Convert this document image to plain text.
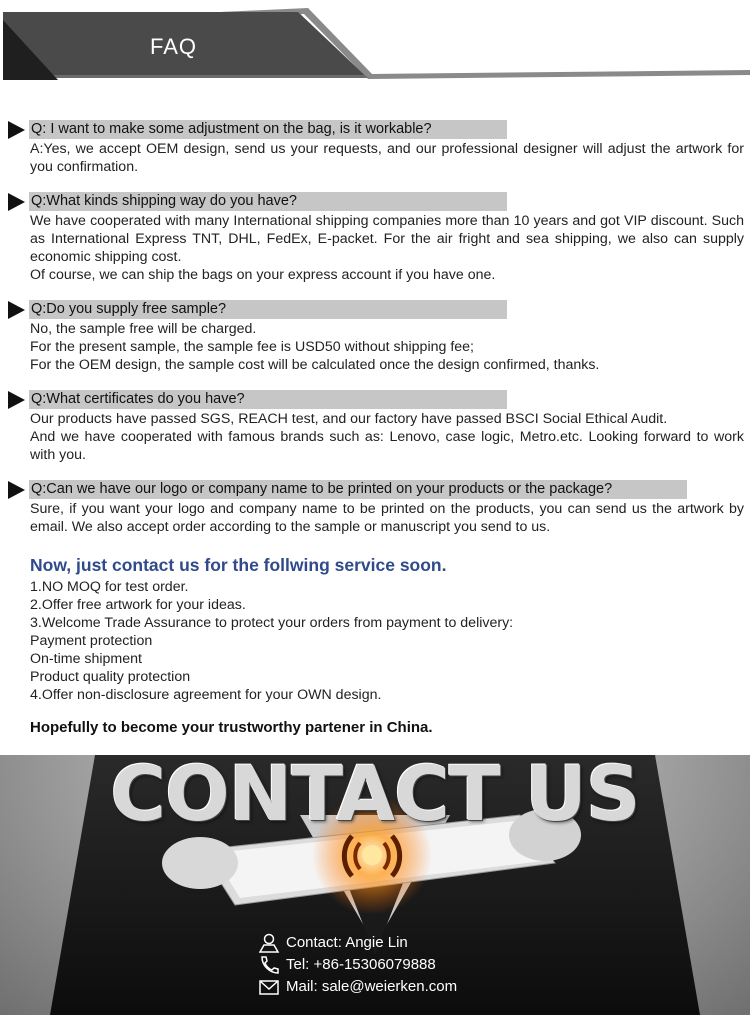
FAQ
Q: I want to make some adjustment on the bag, is it workable?

A:Yes, we accept OEM design, send us your requests, and our professional designer will adjust the artwork for you confirmation.

Q:What kinds shipping way do you have?

We have cooperated with many International shipping companies more than 10 years and got VIP discount. Such as International Express TNT, DHL, FedEx, E-packet. For the air fright and sea shipping, we also can supply economic shipping cost.

Of course, we can ship the bags on your express account if you have one.

Q:Do you supply free sample?

No, the sample free will be charged.

For the present sample, the sample fee is USD50 without shipping fee;

For the OEM design, the sample cost will be calculated once the design confirmed, thanks.

Q:What certificates do you have?

Our products have passed SGS, REACH test, and our factory have passed BSCI Social Ethical Audit.

And we have cooperated with famous brands such as: Lenovo, case logic, Metro.etc. Looking forward to work with you.

Q:Can we have our logo or company name to be printed on your products or the package?

Sure, if you want your logo and company name to be printed on the products, you can send us the artwork by email. We also accept order according to the sample or manuscript you send to us.

Now, just contact us for the follwing service soon.
1.NO MOQ for test order.
2.Offer free artwork for your ideas.
3.Welcome Trade Assurance to protect your orders from payment to delivery:
Payment protection
On-time shipment
Product quality protection
4.Offer non-disclosure agreement for your OWN design.
Hopefully to become your trustworthy partener in China.
CONTACT US
Contact: Angie Lin
Tel: +86-15306079888
Mail: sale@weierken.com
